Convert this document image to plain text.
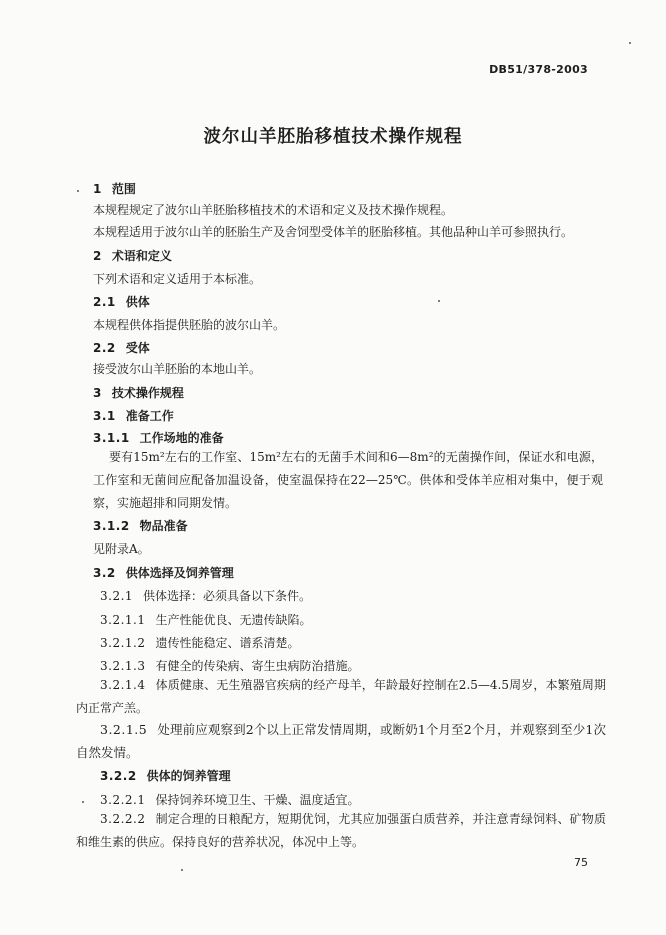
DB51/378-2003
波尔山羊胚胎移植技术操作规程
1 范围
本规程规定了波尔山羊胚胎移植技术的术语和定义及技术操作规程。
本规程适用于波尔山羊的胚胎生产及舍饲型受体羊的胚胎移植。其他品种山羊可参照执行。
2 术语和定义
下列术语和定义适用于本标准。
2.1 供体
本规程供体指提供胚胎的波尔山羊。
2.2 受体
接受波尔山羊胚胎的本地山羊。
3 技术操作规程
3.1 准备工作
3.1.1 工作场地的准备
要有15m²左右的工作室、15m²左右的无菌手术间和6—8m²的无菌操作间，保证水和电源，工作室和无菌间应配备加温设备，使室温保持在22—25℃。供体和受体羊应相对集中，便于观察，实施超排和同期发情。
3.1.2 物品准备
见附录A。
3.2 供体选择及饲养管理
3.2.1 供体选择：必须具备以下条件。
3.2.1.1 生产性能优良、无遗传缺陷。
3.2.1.2 遗传性能稳定、谱系清楚。
3.2.1.3 有健全的传染病、寄生虫病防治措施。
3.2.1.4 体质健康、无生殖器官疾病的经产母羊，年龄最好控制在2.5—4.5周岁，本繁殖周期内正常产羔。
3.2.1.5 处理前应观察到2个以上正常发情周期，或断奶1个月至2个月，并观察到至少1次自然发情。
3.2.2 供体的饲养管理
3.2.2.1 保持饲养环境卫生、干燥、温度适宜。
3.2.2.2 制定合理的日粮配方，短期优饲，尤其应加强蛋白质营养，并注意青绿饲料、矿物质和维生素的供应。保持良好的营养状况，体况中上等。
75
